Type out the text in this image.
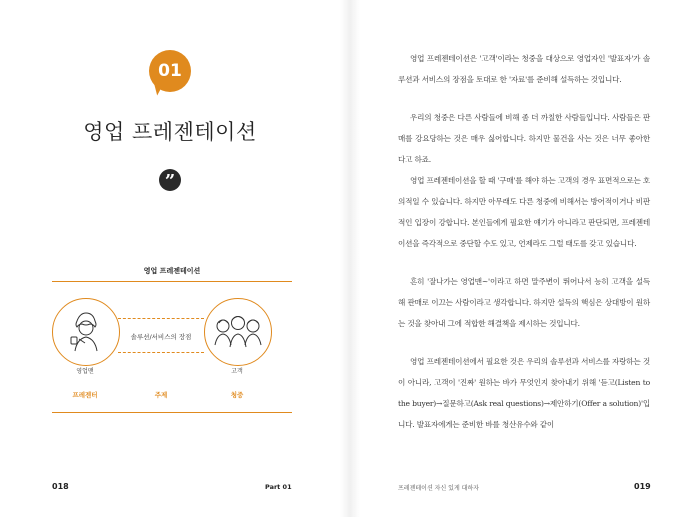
01
영업 프레젠테이션
”
영업 프레젠테이션
솔루션/서비스의 장점
영업맨	고객
프레젠터	주제	청중
018	Part 01

영업 프레젠테이션은 '고객'이라는 청중을 대상으로 영업자인 '발표자'가 솔루션과 서비스의 장점을 토대로 한 '자료'를 준비해 설득하는 것입니다.

우리의 청중은 다른 사람들에 비해 좀 더 까칠한 사람들입니다. 사람들은 판매를 강요당하는 것은 매우 싫어합니다. 하지만 물건을 사는 것은 너무 좋아한다고 하죠.

영업 프레젠테이션을 할 때 '구매'를 해야 하는 고객의 경우 표면적으로는 호의적일 수 있습니다. 하지만 아무래도 다른 청중에 비해서는 방어적이거나 비판적인 입장이 강합니다. 본인들에게 필요한 얘기가 아니라고 판단되면, 프레젠테이션을 즉각적으로 중단할 수도 있고, 언제라도 그럴 태도를 갖고 있습니다.

흔히 '잘나가는 영업맨~'이라고 하면 말주변이 뛰어나서 능히 고객을 설득해 판매로 이끄는 사람이라고 생각합니다. 하지만 설득의 핵심은 상대방이 원하는 것을 찾아내 그에 적합한 해결책을 제시하는 것입니다.

영업 프레젠테이션에서 필요한 것은 우리의 솔루션과 서비스를 자랑하는 것이 아니라, 고객이 '진짜' 원하는 바가 무엇인지 찾아내기 위해 '듣고(Listen to the buyer)→질문하고(Ask real questions)→제안하기(Offer a solution)'입니다. 발표자에게는 준비한 바를 청산유수와 같이

프레젠테이션 자신 있게 대하자	019
